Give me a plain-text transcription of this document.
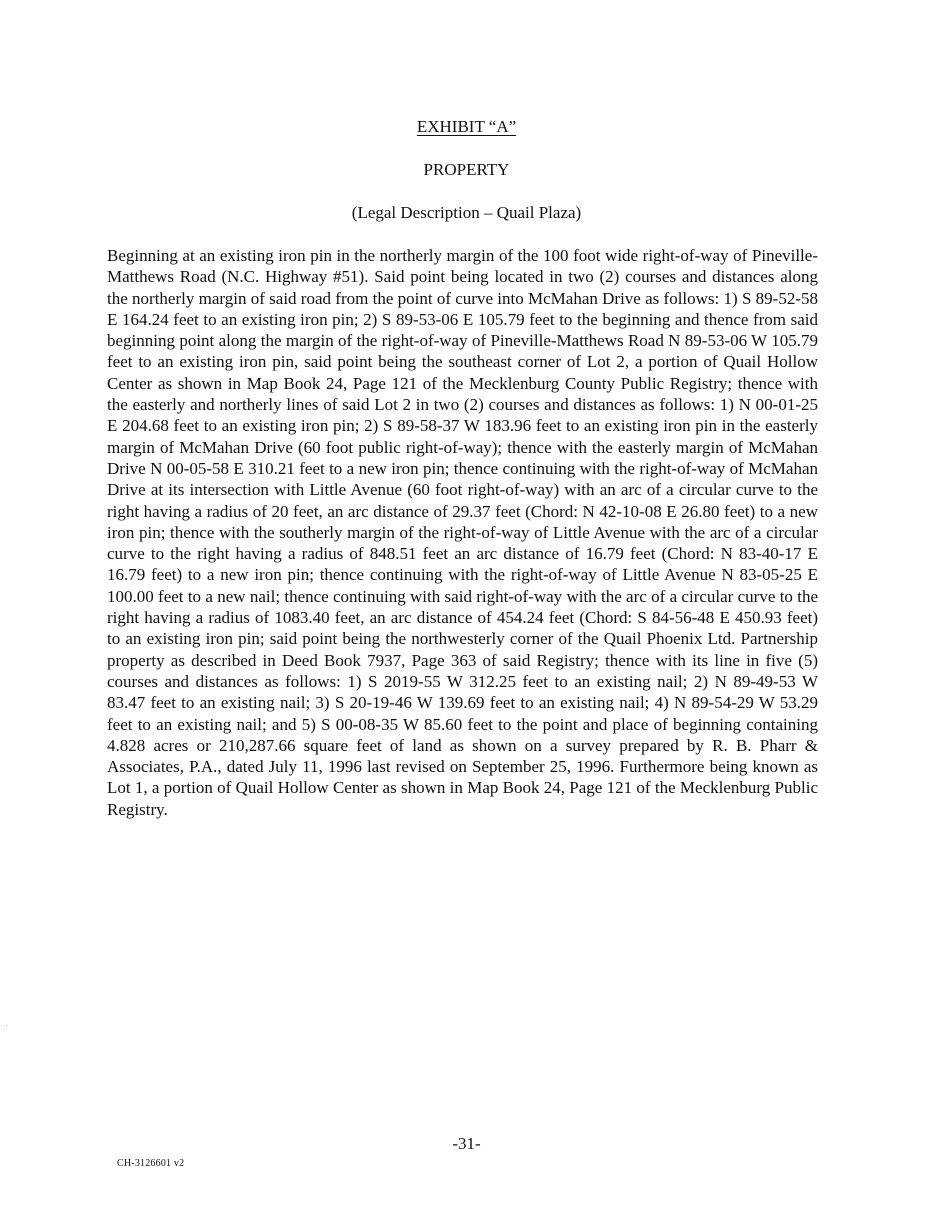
EXHIBIT “A”
PROPERTY
(Legal Description – Quail Plaza)

Beginning at an existing iron pin in the northerly margin of the 100 foot wide right-of-way of Pineville-Matthews Road (N.C. Highway #51). Said point being located in two (2) courses and distances along the northerly margin of said road from the point of curve into McMahan Drive as follows: 1) S 89-52-58 E 164.24 feet to an existing iron pin; 2) S 89-53-06 E 105.79 feet to the beginning and thence from said beginning point along the margin of the right-of-way of Pineville-Matthews Road N 89-53-06 W 105.79 feet to an existing iron pin, said point being the southeast corner of Lot 2, a portion of Quail Hollow Center as shown in Map Book 24, Page 121 of the Mecklenburg County Public Registry; thence with the easterly and northerly lines of said Lot 2 in two (2) courses and distances as follows: 1) N 00-01-25 E 204.68 feet to an existing iron pin; 2) S 89-58-37 W 183.96 feet to an existing iron pin in the easterly margin of McMahan Drive (60 foot public right-of-way); thence with the easterly margin of McMahan Drive N 00-05-58 E 310.21 feet to a new iron pin; thence continuing with the right-of-way of McMahan Drive at its intersection with Little Avenue (60 foot right-of-way) with an arc of a circular curve to the right having a radius of 20 feet, an arc distance of 29.37 feet (Chord: N 42-10-08 E 26.80 feet) to a new iron pin; thence with the southerly margin of the right-of-way of Little Avenue with the arc of a circular curve to the right having a radius of 848.51 feet an arc distance of 16.79 feet (Chord: N 83-40-17 E 16.79 feet) to a new iron pin; thence continuing with the right-of-way of Little Avenue N 83-05-25 E 100.00 feet to a new nail; thence continuing with said right-of-way with the arc of a circular curve to the right having a radius of 1083.40 feet, an arc distance of 454.24 feet (Chord: S 84-56-48 E 450.93 feet) to an existing iron pin; said point being the northwesterly corner of the Quail Phoenix Ltd. Partnership property as described in Deed Book 7937, Page 363 of said Registry; thence with its line in five (5) courses and distances as follows: 1) S 2019-55 W 312.25 feet to an existing nail; 2) N 89-49-53 W 83.47 feet to an existing nail; 3) S 20-19-46 W 139.69 feet to an existing nail; 4) N 89-54-29 W 53.29 feet to an existing nail; and 5) S 00-08-35 W 85.60 feet to the point and place of beginning containing 4.828 acres or 210,287.66 square feet of land as shown on a survey prepared by R. B. Pharr & Associates, P.A., dated July 11, 1996 last revised on September 25, 1996. Furthermore being known as Lot 1, a portion of Quail Hollow Center as shown in Map Book 24, Page 121 of the Mecklenburg Public Registry.

-31-
CH-3126601 v2
